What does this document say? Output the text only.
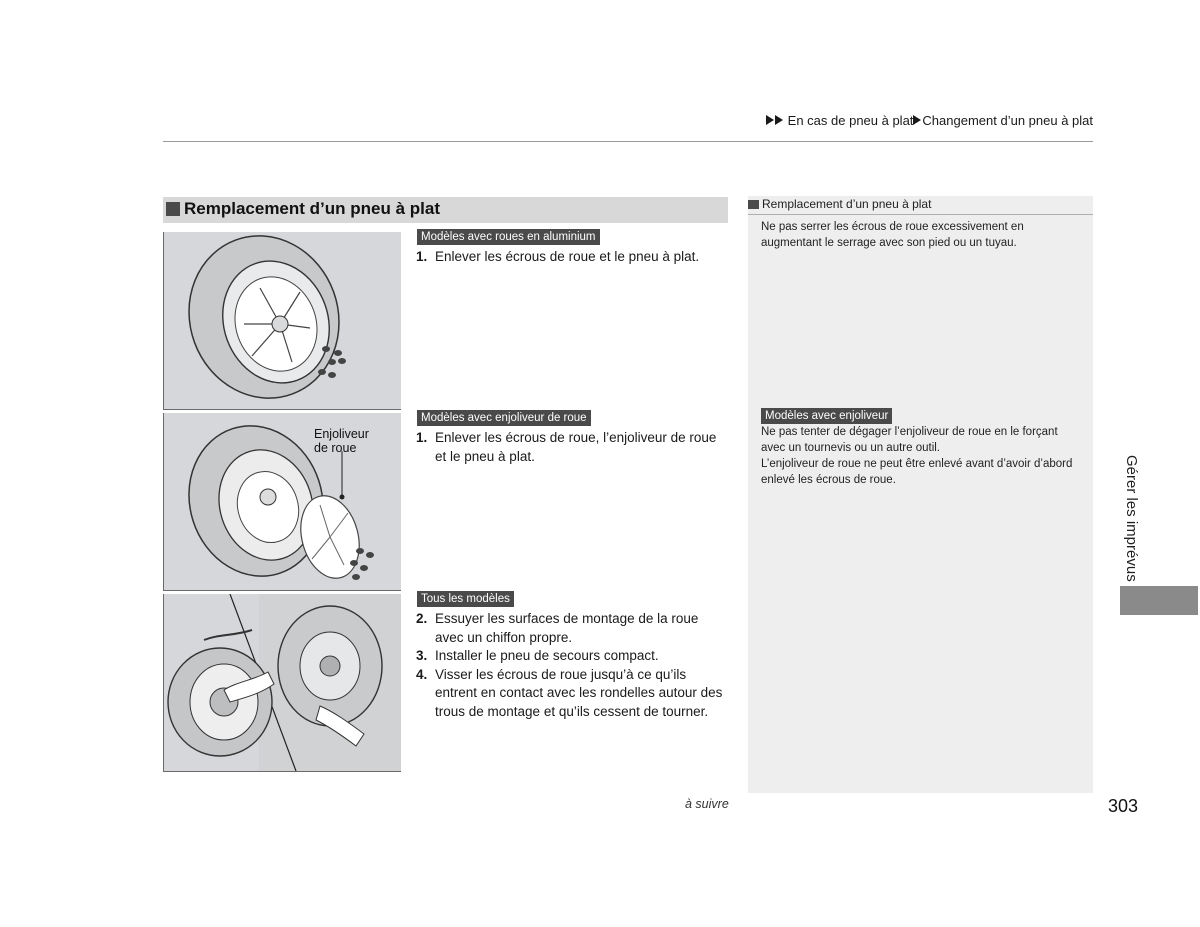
En cas de pneu à plat Changement d’un pneu à plat
Remplacement d’un pneu à plat
Enjoliveur
de roue
Modèles avec roues en aluminium
1. Enlever les écrous de roue et le pneu à plat.
Modèles avec enjoliveur de roue
1. Enlever les écrous de roue, l’enjoliveur de roue et le pneu à plat.
Tous les modèles
2. Essuyer les surfaces de montage de la roue avec un chiffon propre.
3. Installer le pneu de secours compact.
4. Visser les écrous de roue jusqu’à ce qu’ils entrent en contact avec les rondelles autour des trous de montage et qu’ils cessent de tourner.
Remplacement d’un pneu à plat
Ne pas serrer les écrous de roue excessivement en augmentant le serrage avec son pied ou un tuyau.
Modèles avec enjoliveur
Ne pas tenter de dégager l’enjoliveur de roue en le forçant avec un tournevis ou un autre outil.
L’enjoliveur de roue ne peut être enlevé avant d’avoir d’abord enlevé les écrous de roue.	Gérer les imprévus
à suivre	303
